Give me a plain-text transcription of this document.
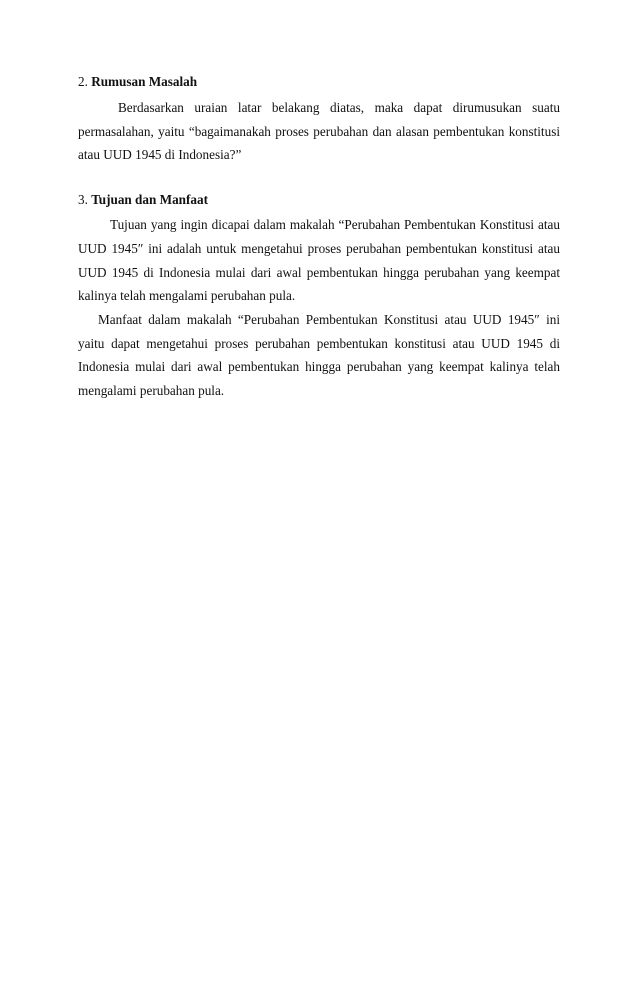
2. Rumusan Masalah

Berdasarkan uraian latar belakang diatas, maka dapat dirumusukan suatu permasalahan, yaitu “bagaimanakah proses perubahan dan alasan pembentukan konstitusi atau UUD 1945 di Indonesia?”

3. Tujuan dan Manfaat

Tujuan yang ingin dicapai dalam makalah “Perubahan Pembentukan Konstitusi atau UUD 1945″ ini adalah untuk mengetahui proses perubahan pembentukan konstitusi atau UUD 1945 di Indonesia mulai dari awal pembentukan hingga perubahan yang keempat kalinya telah mengalami perubahan pula.

Manfaat dalam makalah “Perubahan Pembentukan Konstitusi atau UUD 1945″ ini yaitu dapat mengetahui proses perubahan pembentukan konstitusi atau UUD 1945 di Indonesia mulai dari awal pembentukan hingga perubahan yang keempat kalinya telah mengalami perubahan pula.
